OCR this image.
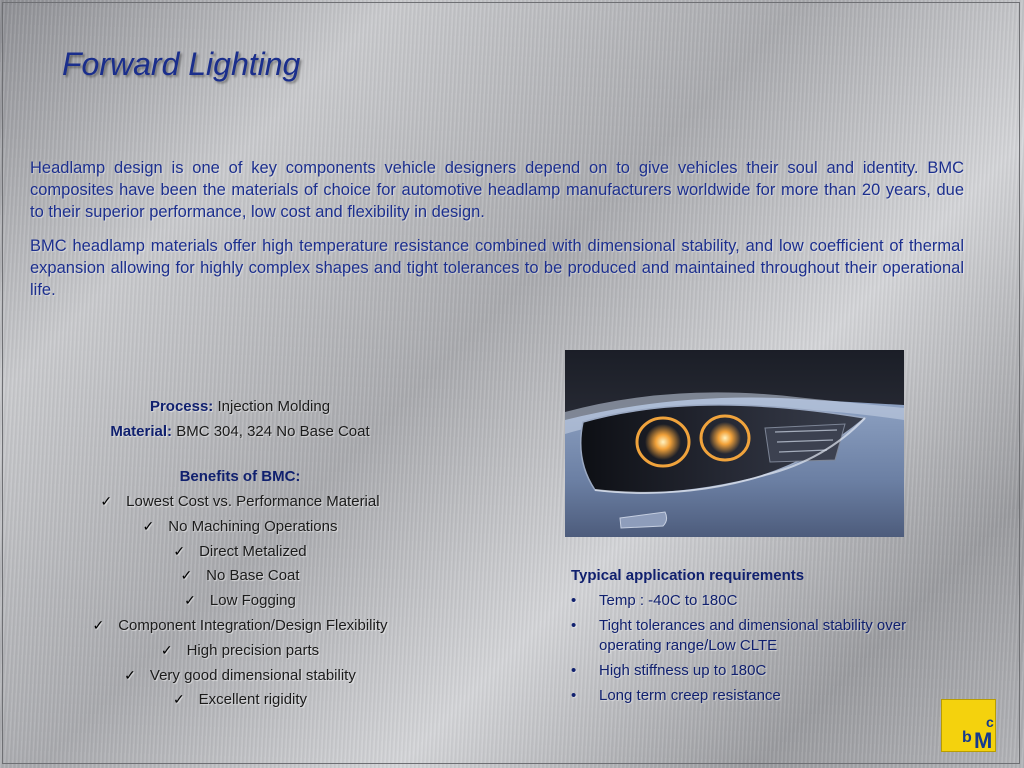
Forward Lighting

Headlamp design is one of key components vehicle designers depend on to give vehicles their soul and identity. BMC composites have been the materials of choice for automotive headlamp manufacturers worldwide for more than 20 years, due to their superior performance, low cost and flexibility in design.

BMC headlamp materials offer high temperature resistance combined with dimensional stability, and low coefficient of thermal expansion allowing for highly complex shapes and tight tolerances to be produced and maintained throughout their operational life.

Process: Injection Molding
Material: BMC 304, 324 No Base Coat
Benefits of BMC:
✓ Lowest Cost vs. Performance Material
✓ No Machining Operations
✓ Direct Metalized
✓ No Base Coat
✓ Low Fogging
✓ Component Integration/Design Flexibility
✓ High precision parts
✓ Very good dimensional stability
✓ Excellent rigidity
Typical application requirements
• Temp : -40C to 180C
• Tight tolerances and dimensional stability over operating range/Low CLTE
• High stiffness up to 180C
• Long term creep resistance
b M
c
